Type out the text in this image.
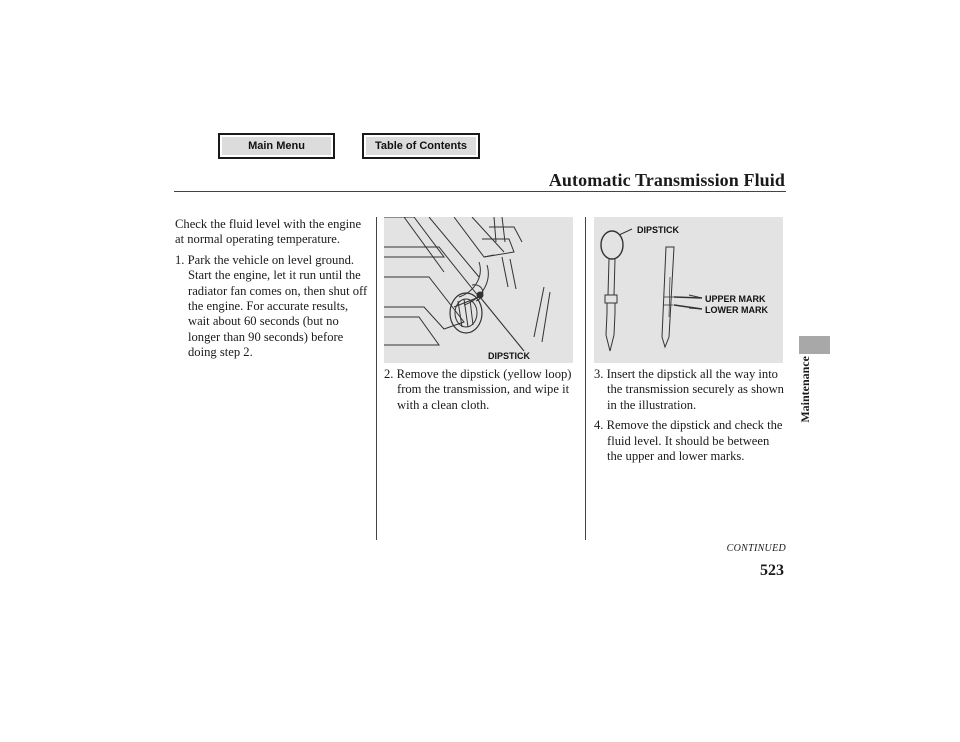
Main Menu	Table of Contents
Automatic Transmission Fluid

Check the fluid level with the engine at normal operating temperature.

1. Park the vehicle on level ground. Start the engine, let it run until the radiator fan comes on, then shut off the engine. For accurate results, wait about 60 seconds (but no longer than 90 seconds) before doing step 2.	DIPSTICK

2. Remove the dipstick (yellow loop) from the transmission, and wipe it with a clean cloth.

DIPSTICK
UPPER MARK
LOWER MARK

3. Insert the dipstick all the way into the transmission securely as shown in the illustration.

4. Remove the dipstick and check the fluid level. It should be between the upper and lower marks.

CONTINUED
523
Maintenance
